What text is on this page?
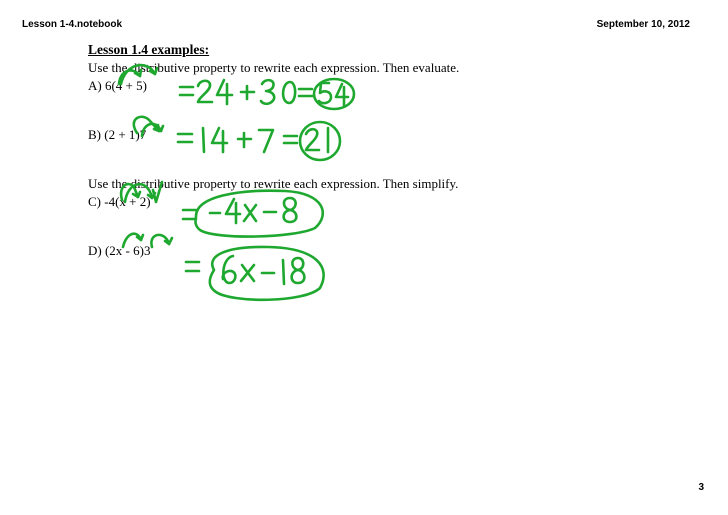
Lesson 1-4.notebook	September 10, 2012
Lesson 1.4 examples:
Use the distributive property to rewrite each expression. Then evaluate.
A) 6(4 + 5)
B) (2 + 1)7
Use the distributive property to rewrite each expression. Then simplify.
C) -4(x + 2)
D) (2x - 6)3
3
